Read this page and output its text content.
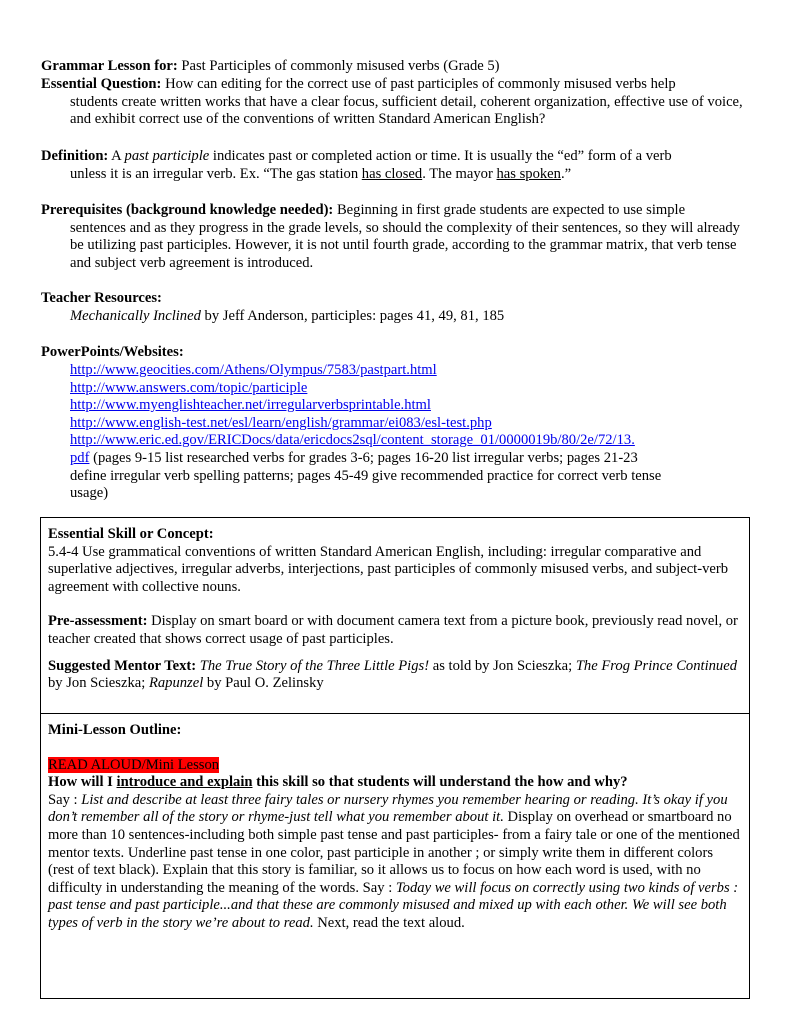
Grammar Lesson for: Past Participles of commonly misused verbs (Grade 5)
Essential Question: How can editing for the correct use of past participles of commonly misused verbs help
students create written works that have a clear focus, sufficient detail, coherent organization, effective use of voice, and exhibit correct use of the conventions of written Standard American English?
Definition: A past participle indicates past or completed action or time. It is usually the “ed” form of a verb
unless it is an irregular verb. Ex. “The gas station has closed. The mayor has spoken.”
Prerequisites (background knowledge needed): Beginning in first grade students are expected to use simple
sentences and as they progress in the grade levels, so should the complexity of their sentences, so they will already be utilizing past participles. However, it is not until fourth grade, according to the grammar matrix, that verb tense and subject verb agreement is introduced.
Teacher Resources:
Mechanically Inclined by Jeff Anderson, participles: pages 41, 49, 81, 185
PowerPoints/Websites:
http://www.geocities.com/Athens/Olympus/7583/pastpart.html
http://www.answers.com/topic/participle
http://www.myenglishteacher.net/irregularverbsprintable.html
http://www.english-test.net/esl/learn/english/grammar/ei083/esl-test.php
http://www.eric.ed.gov/ERICDocs/data/ericdocs2sql/content_storage_01/0000019b/80/2e/72/13.
pdf (pages 9-15 list researched verbs for grades 3-6; pages 16-20 list irregular verbs; pages 21-23 define irregular verb spelling patterns; pages 45-49 give recommended practice for correct verb tense usage)

Essential Skill or Concept:

5.4-4 Use grammatical conventions of written Standard American English, including: irregular comparative and superlative adjectives, irregular adverbs, interjections, past participles of commonly misused verbs, and subject-verb agreement with collective nouns.

Pre-assessment: Display on smart board or with document camera text from a picture book, previously read novel, or teacher created that shows correct usage of past participles.

Suggested Mentor Text: The True Story of the Three Little Pigs! as told by Jon Scieszka; The Frog Prince Continued by Jon Scieszka; Rapunzel by Paul O. Zelinsky

Mini-Lesson Outline:

READ ALOUD/Mini Lesson

How will I introduce and explain this skill so that students will understand the how and why?

Say : List and describe at least three fairy tales or nursery rhymes you remember hearing or reading. It’s okay if you don’t remember all of the story or rhyme-just tell what you remember about it. Display on overhead or smartboard no more than 10 sentences-including both simple past tense and past participles- from a fairy tale or one of the mentioned mentor texts. Underline past tense in one color, past participle in another ; or simply write them in different colors (rest of text black). Explain that this story is familiar, so it allows us to focus on how each word is used, with no difficulty in understanding the meaning of the words. Say : Today we will focus on correctly using two kinds of verbs : past tense and past participle...and that these are commonly misused and mixed up with each other. We will see both types of verb in the story we’re about to read. Next, read the text aloud.
